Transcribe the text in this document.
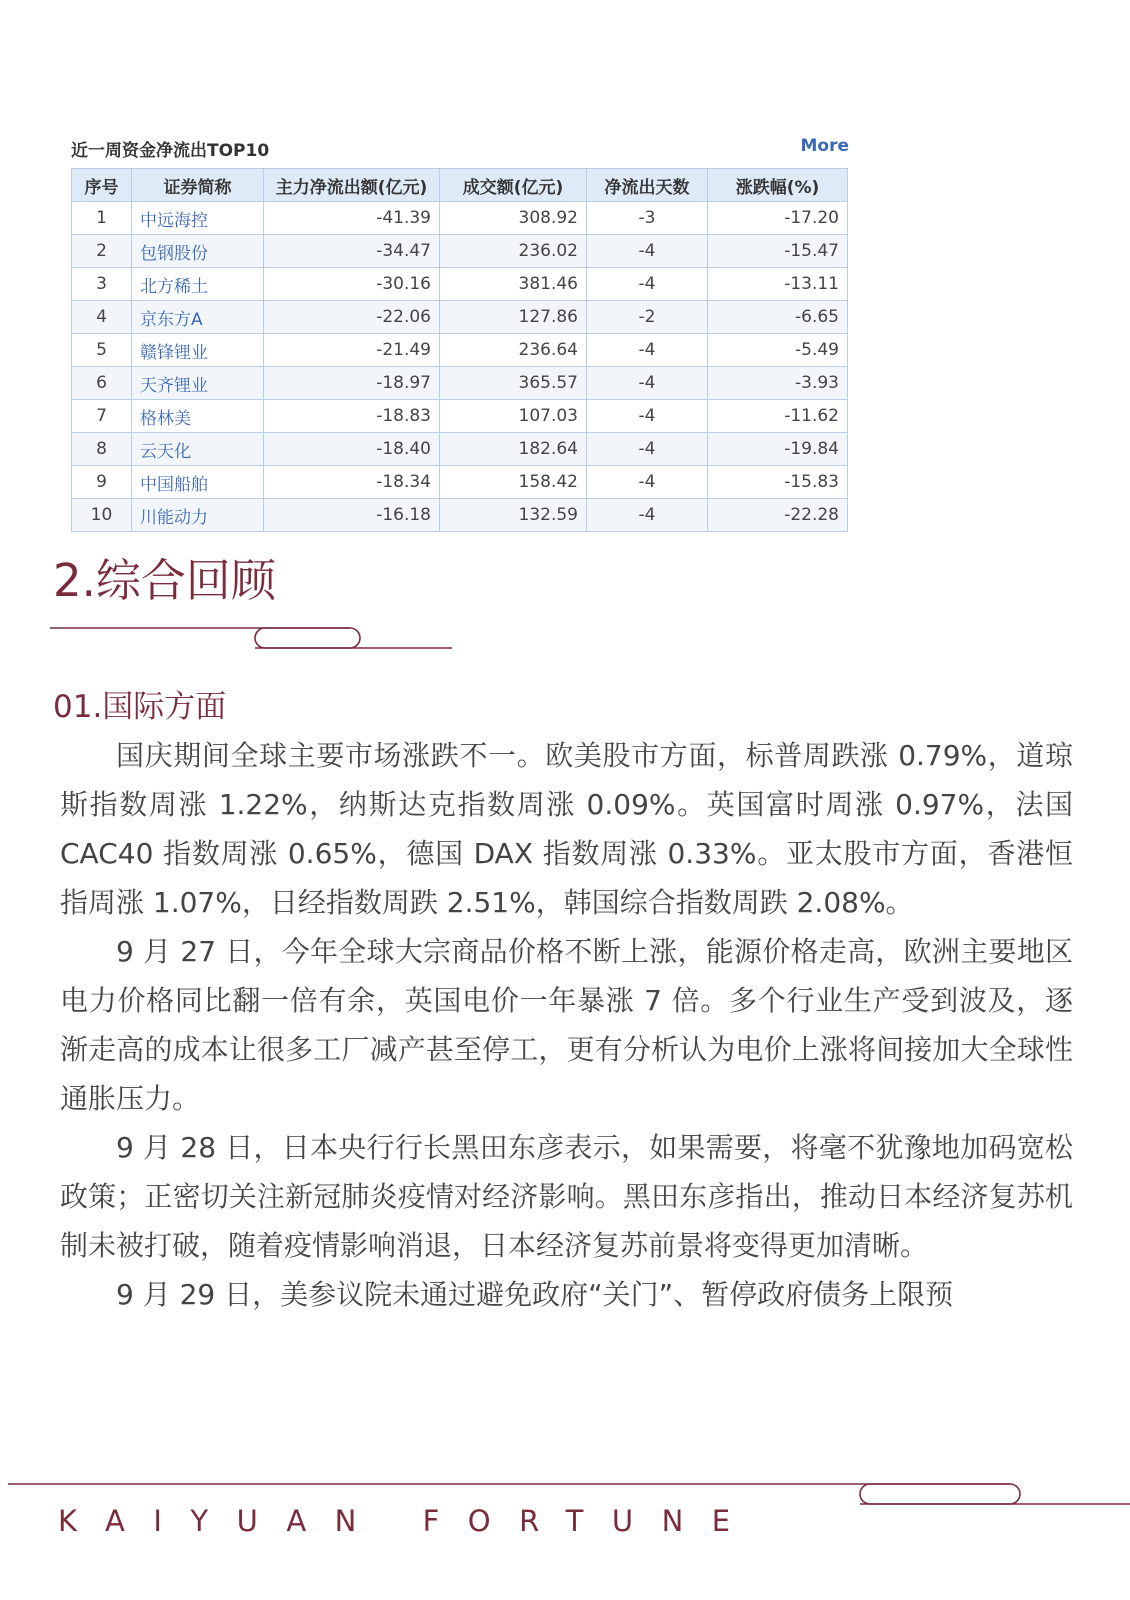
近一周资金净流出TOP10	More
序号	证券简称	主力净流出额(亿元)	成交额(亿元)	净流出天数	涨跌幅(%)
1	中远海控	-41.39	308.92	-3	-17.20
2	包钢股份	-34.47	236.02	-4	-15.47
3	北方稀土	-30.16	381.46	-4	-13.11
4	京东方A	-22.06	127.86	-2	-6.65
5	赣锋锂业	-21.49	236.64	-4	-5.49
6	天齐锂业	-18.97	365.57	-4	-3.93
7	格林美	-18.83	107.03	-4	-11.62
8	云天化	-18.40	182.64	-4	-19.84
9	中国船舶	-18.34	158.42	-4	-15.83
10	川能动力	-16.18	132.59	-4	-22.28
2.综合回顾
01.国际方面

国庆期间全球主要市场涨跌不一。欧美股市方面，标普周跌涨 0.79%，道琼斯指数周涨 1.22%，纳斯达克指数周涨 0.09%。英国富时周涨 0.97%，法国 CAC40 指数周涨 0.65%，德国 DAX 指数周涨 0.33%。亚太股市方面，香港恒指周涨 1.07%，日经指数周跌 2.51%，韩国综合指数周跌 2.08%。

9 月 27 日，今年全球大宗商品价格不断上涨，能源价格走高，欧洲主要地区电力价格同比翻一倍有余，英国电价一年暴涨 7 倍。多个行业生产受到波及，逐渐走高的成本让很多工厂减产甚至停工，更有分析认为电价上涨将间接加大全球性通胀压力。

9 月 28 日，日本央行行长黑田东彦表示，如果需要，将毫不犹豫地加码宽松政策；正密切关注新冠肺炎疫情对经济影响。黑田东彦指出，推动日本经济复苏机制未被打破，随着疫情影响消退，日本经济复苏前景将变得更加清晰。

9 月 29 日，美参议院未通过避免政府“关门”、暂停政府债务上限预

KAIYUAN FORTUNE
